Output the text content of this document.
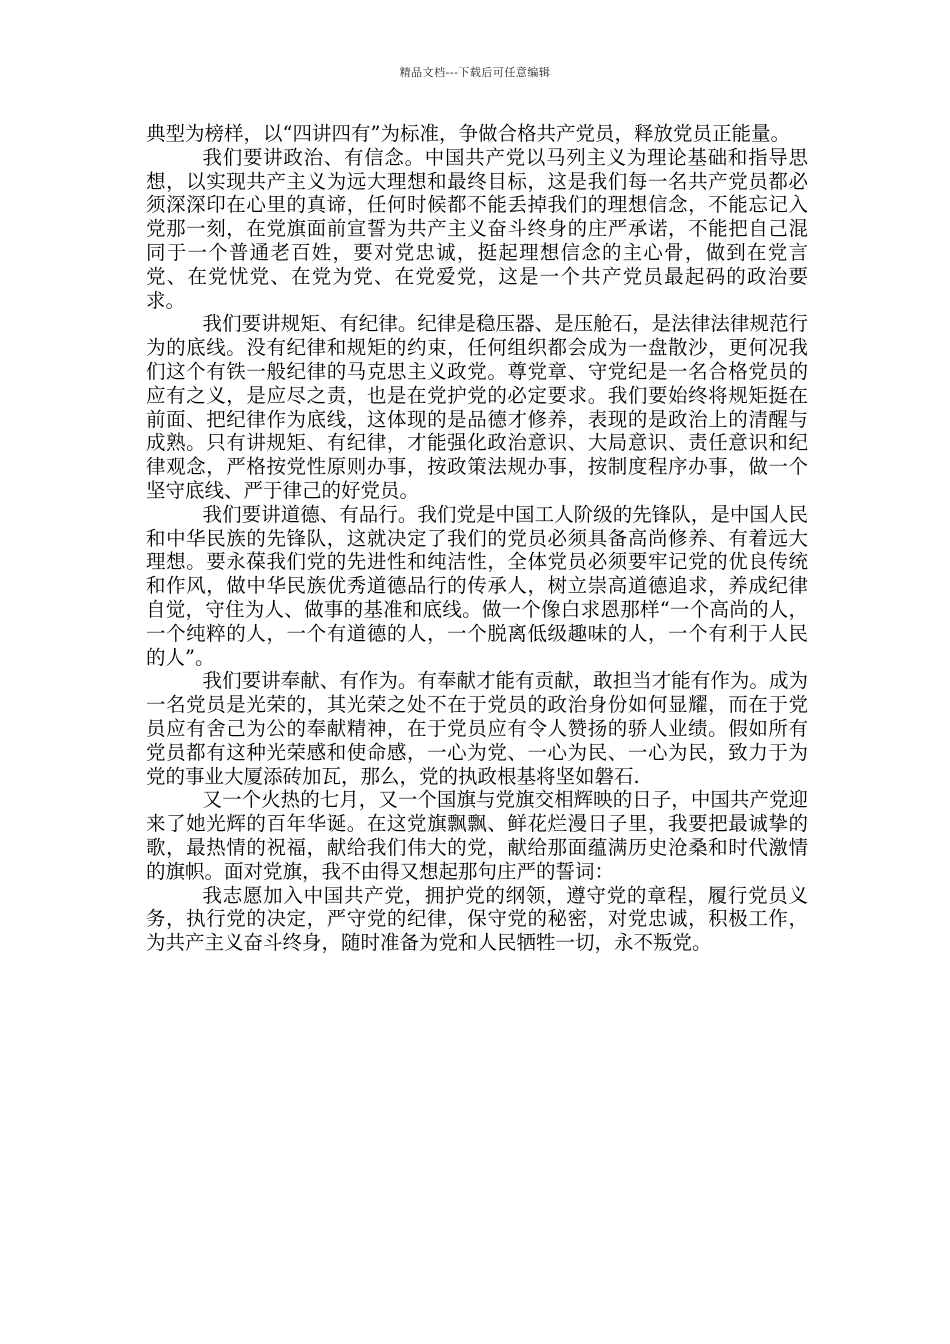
精品文档---下载后可任意编辑

典型为榜样，以“四讲四有”为标准，争做合格共产党员，释放党员正能量。

我们要讲政治、有信念。中国共产党以马列主义为理论基础和指导思想，以实现共产主义为远大理想和最终目标，这是我们每一名共产党员都必须深深印在心里的真谛，任何时候都不能丢掉我们的理想信念，不能忘记入党那一刻，在党旗面前宣誓为共产主义奋斗终身的庄严承诺，不能把自己混同于一个普通老百姓，要对党忠诚，挺起理想信念的主心骨，做到在党言党、在党忧党、在党为党、在党爱党，这是一个共产党员最起码的政治要求。

我们要讲规矩、有纪律。纪律是稳压器、是压舱石，是法律法律规范行为的底线。没有纪律和规矩的约束，任何组织都会成为一盘散沙，更何况我们这个有铁一般纪律的马克思主义政党。尊党章、守党纪是一名合格党员的应有之义，是应尽之责，也是在党护党的必定要求。我们要始终将规矩挺在前面、把纪律作为底线，这体现的是品德才修养，表现的是政治上的清醒与成熟。只有讲规矩、有纪律，才能强化政治意识、大局意识、责任意识和纪律观念，严格按党性原则办事，按政策法规办事，按制度程序办事，做一个坚守底线、严于律己的好党员。

我们要讲道德、有品行。我们党是中国工人阶级的先锋队，是中国人民和中华民族的先锋队，这就决定了我们的党员必须具备高尚修养、有着远大理想。要永葆我们党的先进性和纯洁性，全体党员必须要牢记党的优良传统和作风，做中华民族优秀道德品行的传承人，树立崇高道德追求，养成纪律自觉，守住为人、做事的基准和底线。做一个像白求恩那样“一个高尚的人，一个纯粹的人，一个有道德的人，一个脱离低级趣味的人，一个有利于人民的人”。

我们要讲奉献、有作为。有奉献才能有贡献，敢担当才能有作为。成为一名党员是光荣的，其光荣之处不在于党员的政治身份如何显耀，而在于党员应有舍己为公的奉献精神，在于党员应有令人赞扬的骄人业绩。假如所有党员都有这种光荣感和使命感，一心为党、一心为民、一心为民，致力于为党的事业大厦添砖加瓦，那么，党的执政根基将坚如磐石.

又一个火热的七月，又一个国旗与党旗交相辉映的日子，中国共产党迎来了她光辉的百年华诞。在这党旗飘飘、鲜花烂漫日子里，我要把最诚挚的歌，最热情的祝福，献给我们伟大的党，献给那面蕴满历史沧桑和时代激情的旗帜。面对党旗，我不由得又想起那句庄严的誓词：

我志愿加入中国共产党，拥护党的纲领，遵守党的章程，履行党员义务，执行党的决定，严守党的纪律，保守党的秘密，对党忠诚，积极工作，为共产主义奋斗终身，随时准备为党和人民牺牲一切，永不叛党。
